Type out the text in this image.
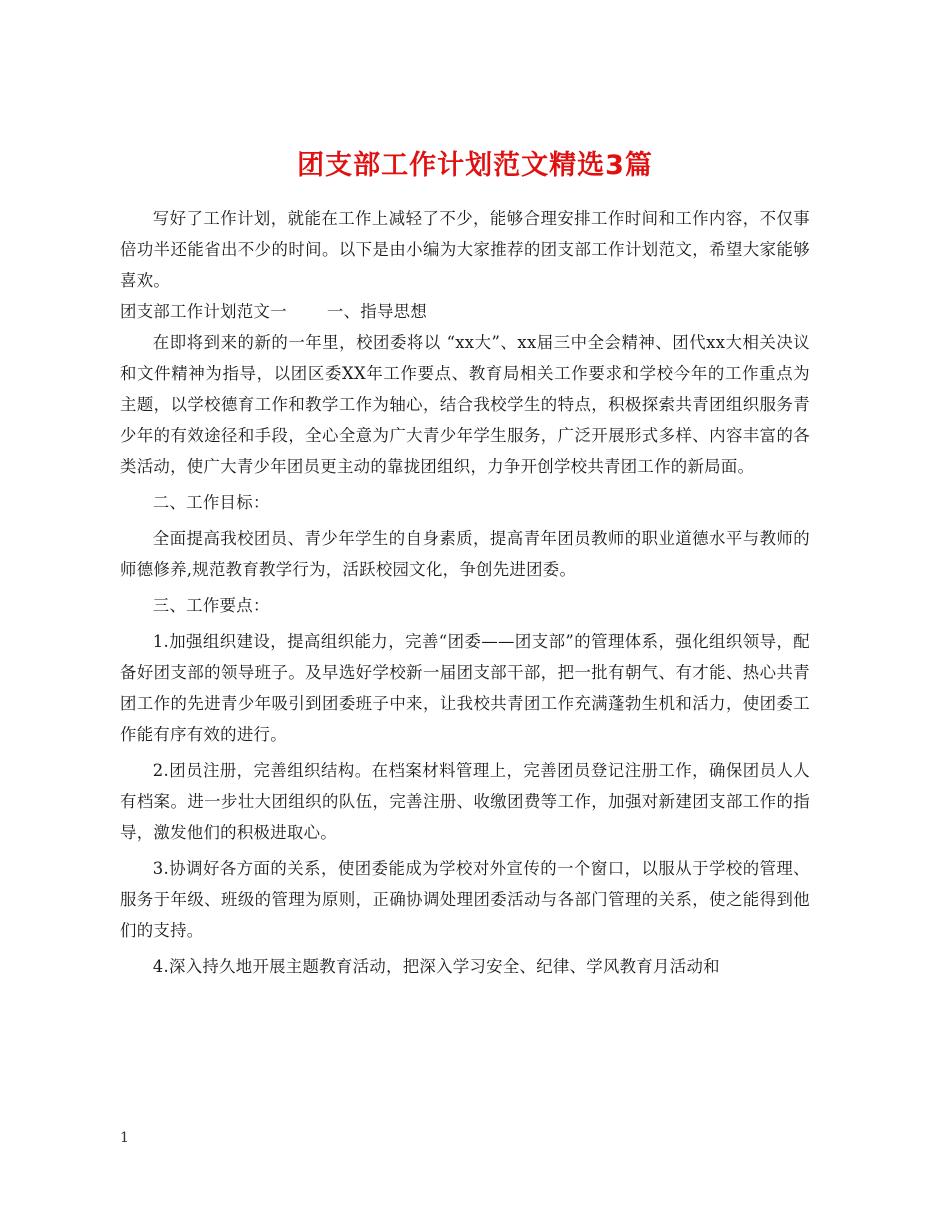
团支部工作计划范文精选3篇

写好了工作计划，就能在工作上减轻了不少，能够合理安排工作时间和工作内容，不仅事倍功半还能省出不少的时间。以下是由小编为大家推荐的团支部工作计划范文，希望大家能够喜欢。

团支部工作计划范文一 一、指导思想

在即将到来的新的一年里，校团委将以 “xx大”、xx届三中全会精神、团代xx大相关决议和文件精神为指导，以团区委XX年工作要点、教育局相关工作要求和学校今年的工作重点为主题，以学校德育工作和教学工作为轴心，结合我校学生的特点，积极探索共青团组织服务青少年的有效途径和手段，全心全意为广大青少年学生服务，广泛开展形式多样、内容丰富的各类活动，使广大青少年团员更主动的靠拢团组织，力争开创学校共青团工作的新局面。

二、工作目标：

全面提高我校团员、青少年学生的自身素质，提高青年团员教师的职业道德水平与教师的师德修养,规范教育教学行为，活跃校园文化，争创先进团委。

三、工作要点：

1.加强组织建设，提高组织能力，完善“团委——团支部”的管理体系，强化组织领导，配备好团支部的领导班子。及早选好学校新一届团支部干部，把一批有朝气、有才能、热心共青团工作的先进青少年吸引到团委班子中来，让我校共青团工作充满蓬勃生机和活力，使团委工作能有序有效的进行。

2.团员注册，完善组织结构。在档案材料管理上，完善团员登记注册工作，确保团员人人有档案。进一步壮大团组织的队伍，完善注册、收缴团费等工作，加强对新建团支部工作的指导，激发他们的积极进取心。

3.协调好各方面的关系，使团委能成为学校对外宣传的一个窗口，以服从于学校的管理、服务于年级、班级的管理为原则，正确协调处理团委活动与各部门管理的关系，使之能得到他们的支持。

4.深入持久地开展主题教育活动，把深入学习安全、纪律、学风教育月活动和

1
